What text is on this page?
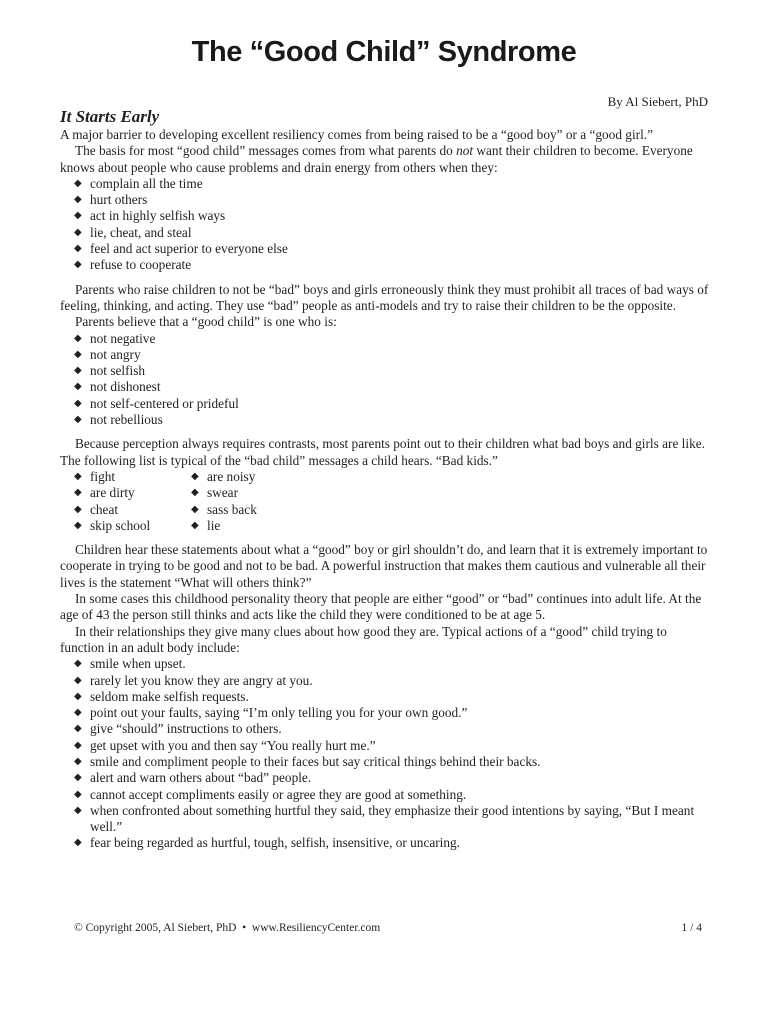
The “Good Child” Syndrome
By Al Siebert, PhD
It Starts Early

A major barrier to developing excellent resiliency comes from being raised to be a “good boy” or a “good girl.”

The basis for most “good child” messages comes from what parents do not want their children to become. Everyone knows about people who cause problems and drain energy from others when they:

◆ complain all the time
◆ hurt others
◆ act in highly selfish ways
◆ lie, cheat, and steal
◆ feel and act superior to everyone else
◆ refuse to cooperate

Parents who raise children to not be “bad” boys and girls erroneously think they must prohibit all traces of bad ways of feeling, thinking, and acting. They use “bad” people as anti-models and try to raise their children to be the opposite.

Parents believe that a “good child” is one who is:

◆ not negative
◆ not angry
◆ not selfish
◆ not dishonest
◆ not self-centered or prideful
◆ not rebellious

Because perception always requires contrasts, most parents point out to their children what bad boys and girls are like. The following list is typical of the “bad child” messages a child hears. “Bad kids.”

◆ fight
◆ are dirty
◆ cheat
◆ skip school
◆ are noisy
◆ swear
◆ sass back
◆ lie

Children hear these statements about what a “good” boy or girl shouldn’t do, and learn that it is extremely important to cooperate in trying to be good and not to be bad. A powerful instruction that makes them cautious and vulnerable all their lives is the statement “What will others think?”

In some cases this childhood personality theory that people are either “good” or “bad” continues into adult life. At the age of 43 the person still thinks and acts like the child they were conditioned to be at age 5.

In their relationships they give many clues about how good they are. Typical actions of a “good” child trying to function in an adult body include:

◆ smile when upset.
◆ rarely let you know they are angry at you.
◆ seldom make selfish requests.
◆ point out your faults, saying “I’m only telling you for your own good.”
◆ give “should” instructions to others.
◆ get upset with you and then say “You really hurt me.”
◆ smile and compliment people to their faces but say critical things behind their backs.
◆ alert and warn others about “bad” people.
◆ cannot accept compliments easily or agree they are good at something.
◆ when confronted about something hurtful they said, they emphasize their good intentions by saying, “But I meant well.”
◆ fear being regarded as hurtful, tough, selfish, insensitive, or uncaring.
© Copyright 2005, Al Siebert, PhD  •  www.ResiliencyCenter.com	1 / 4
